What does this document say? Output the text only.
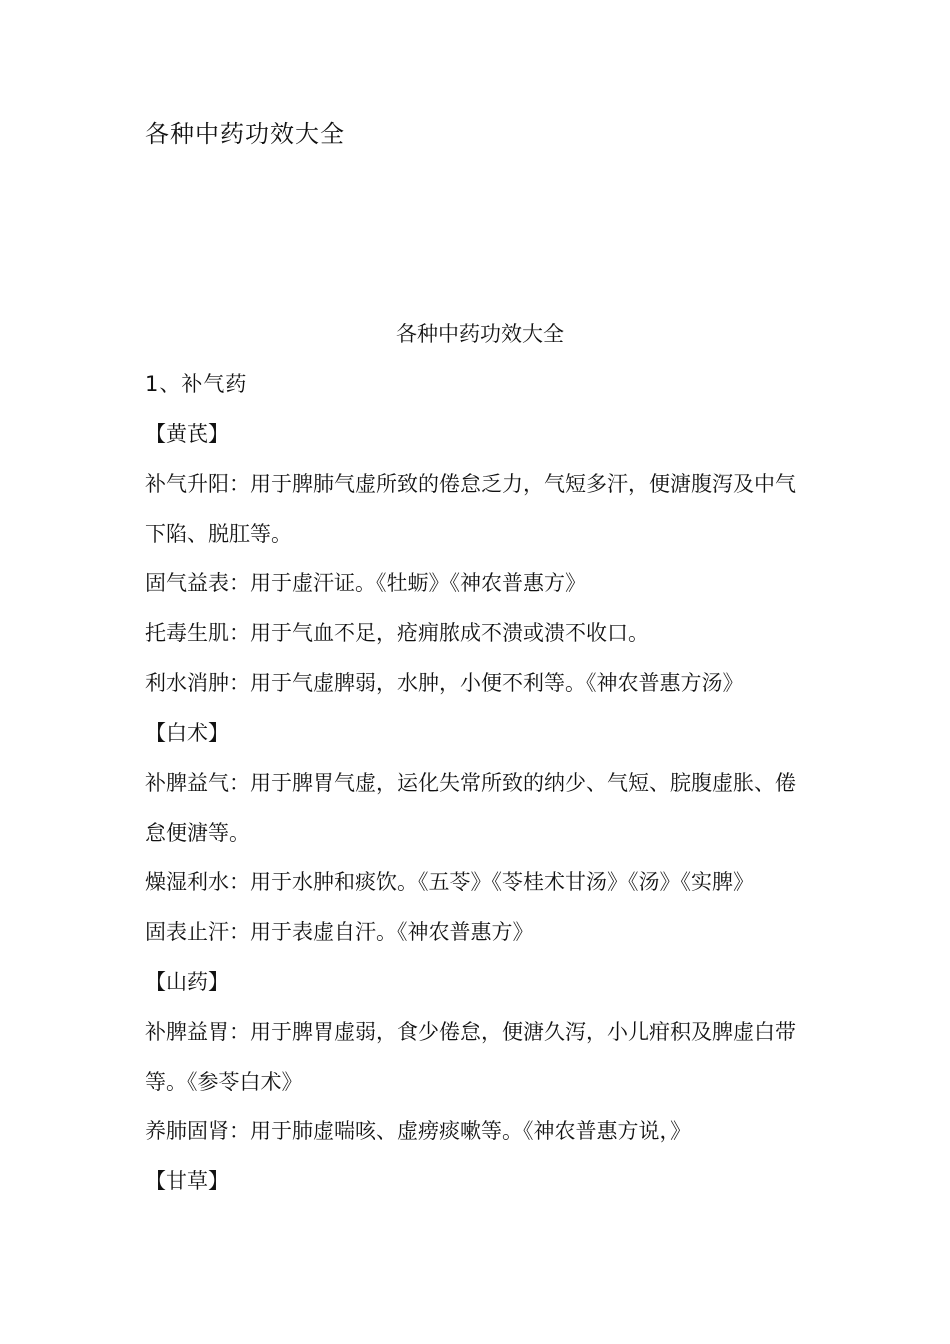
各种中药功效大全
各种中药功效大全
1、补气药
【黄芪】
补气升阳：用于脾肺气虚所致的倦怠乏力，气短多汗，便溏腹泻及中气下陷、脱肛等。
固气益表：用于虚汗证。《牡蛎》《神农普惠方》
托毒生肌：用于气血不足，疮痈脓成不溃或溃不收口。
利水消肿：用于气虚脾弱，水肿，小便不利等。《神农普惠方汤》
【白术】
补脾益气：用于脾胃气虚，运化失常所致的纳少、气短、脘腹虚胀、倦怠便溏等。
燥湿利水：用于水肿和痰饮。《五苓》《苓桂术甘汤》《汤》《实脾》
固表止汗：用于表虚自汗。《神农普惠方》
【山药】
补脾益胃：用于脾胃虚弱，食少倦怠，便溏久泻，小儿疳积及脾虚白带等。《参苓白术》
养肺固肾：用于肺虚喘咳、虚痨痰嗽等。《神农普惠方说，》
【甘草】
